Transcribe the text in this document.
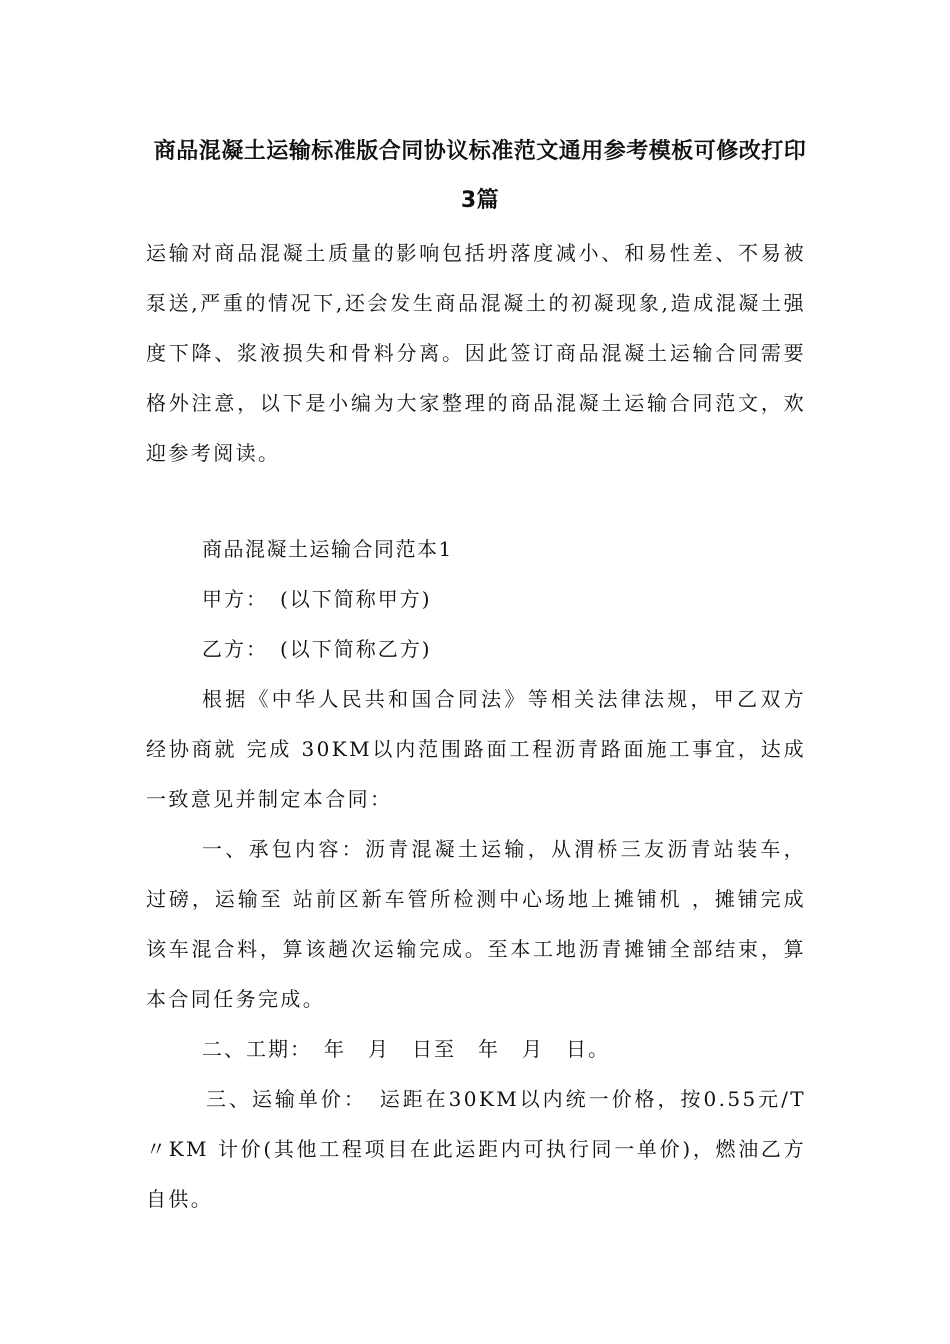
商品混凝土运输标准版合同协议标准范文通用参考模板可修改打印
3篇

运输对商品混凝土质量的影响包括坍落度减小、和易性差、不易被泵送,严重的情况下,还会发生商品混凝土的初凝现象,造成混凝土强度下降、浆液损失和骨料分离。因此签订商品混凝土运输合同需要格外注意，以下是小编为大家整理的商品混凝土运输合同范文，欢迎参考阅读。

商品混凝土运输合同范本1

甲方：　(以下简称甲方)

乙方：　(以下简称乙方)

根据《中华人民共和国合同法》等相关法律法规，甲乙双方经协商就 完成 30KM以内范围路面工程沥青路面施工事宜，达成一致意见并制定本合同：

一、承包内容：沥青混凝土运输，从渭桥三友沥青站装车，过磅，运输至 站前区新车管所检测中心场地上摊铺机 ，摊铺完成该车混合料，算该趟次运输完成。至本工地沥青摊铺全部结束，算本合同任务完成。

二、工期：　年　月　日至　年　月　日。

三、运输单价：　运距在30KM以内统一价格，按0.55元/T〃KM 计价(其他工程项目在此运距内可执行同一单价)，燃油乙方自供。
